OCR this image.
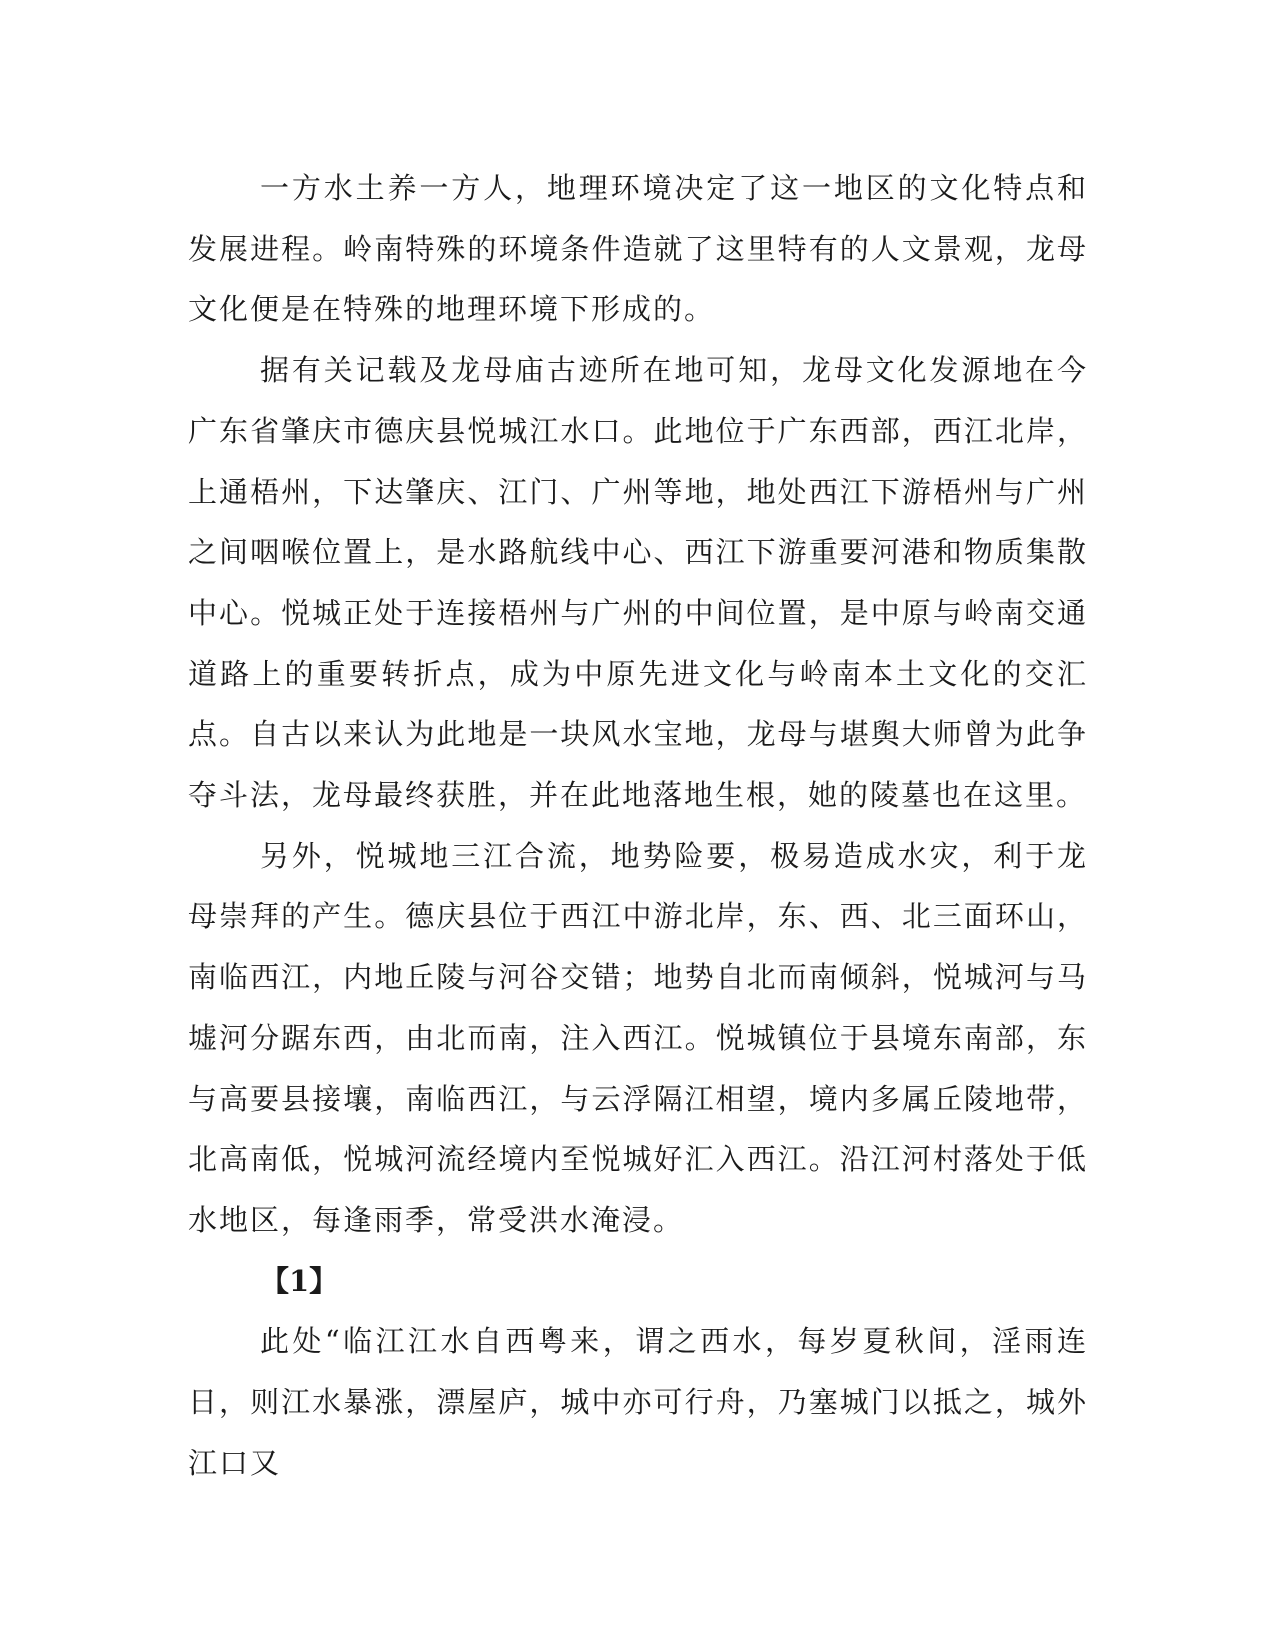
一方水土养一方人，地理环境决定了这一地区的文化特点和发展进程。岭南特殊的环境条件造就了这里特有的人文景观，龙母文化便是在特殊的地理环境下形成的。

据有关记载及龙母庙古迹所在地可知，龙母文化发源地在今广东省肇庆市德庆县悦城江水口。此地位于广东西部，西江北岸，上通梧州，下达肇庆、江门、广州等地，地处西江下游梧州与广州之间咽喉位置上，是水路航线中心、西江下游重要河港和物质集散中心。悦城正处于连接梧州与广州的中间位置，是中原与岭南交通道路上的重要转折点，成为中原先进文化与岭南本土文化的交汇点。自古以来认为此地是一块风水宝地，龙母与堪舆大师曾为此争夺斗法，龙母最终获胜，并在此地落地生根，她的陵墓也在这里。

另外，悦城地三江合流，地势险要，极易造成水灾，利于龙母崇拜的产生。德庆县位于西江中游北岸，东、西、北三面环山，南临西江，内地丘陵与河谷交错；地势自北而南倾斜，悦城河与马墟河分踞东西，由北而南，注入西江。悦城镇位于县境东南部，东与高要县接壤，南临西江，与云浮隔江相望，境内多属丘陵地带，北高南低，悦城河流经境内至悦城好汇入西江。沿江河村落处于低水地区，每逢雨季，常受洪水淹浸。

【1】

此处“临江江水自西粤来，谓之西水，每岁夏秋间，淫雨连日，则江水暴涨，漂屋庐，城中亦可行舟，乃塞城门以抵之，城外江口又
